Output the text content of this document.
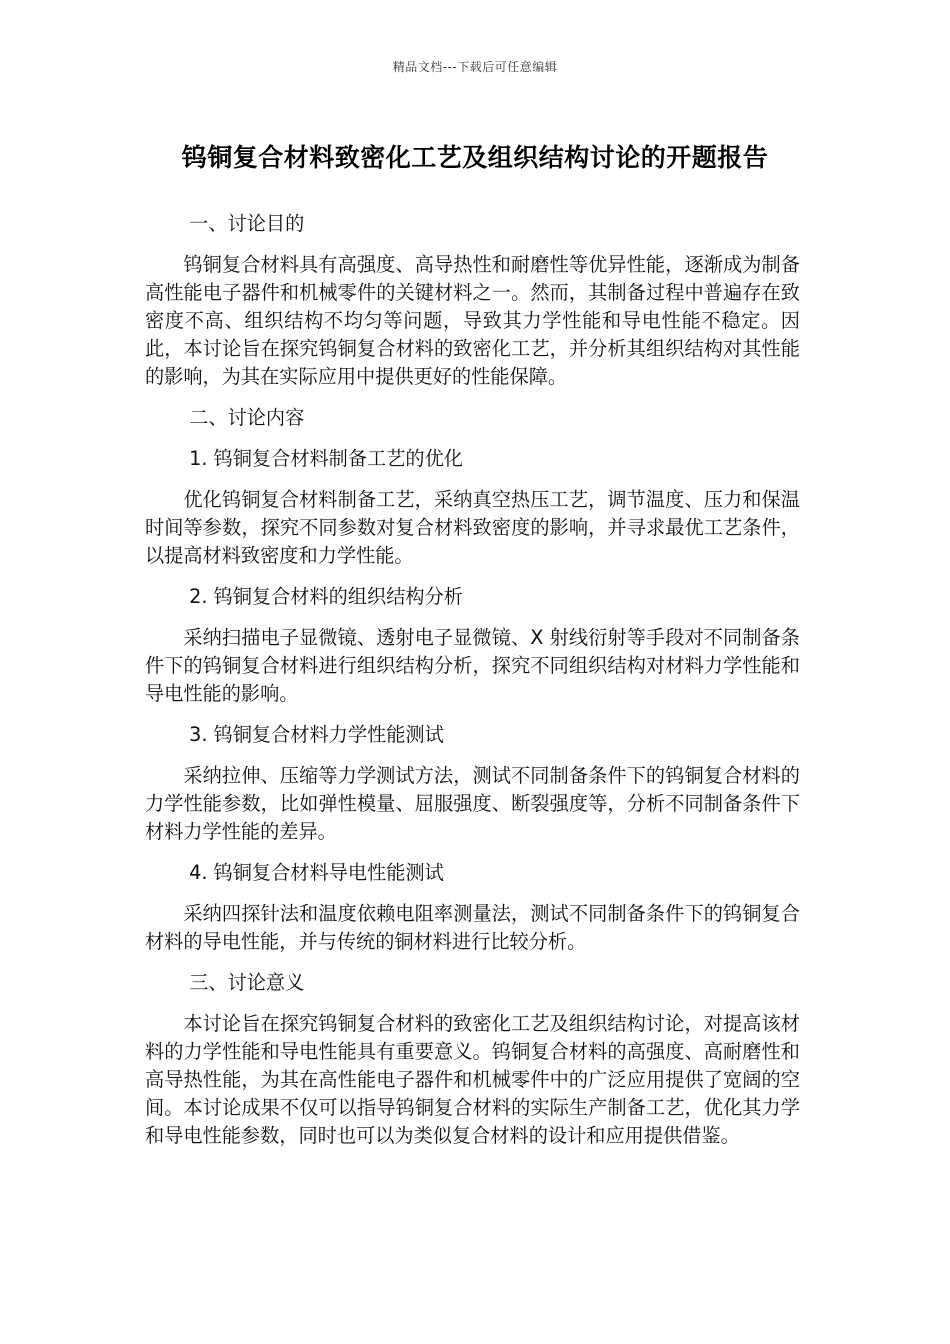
精品文档---下载后可任意编辑
钨铜复合材料致密化工艺及组织结构讨论的开题报告

一、讨论目的

钨铜复合材料具有高强度、高导热性和耐磨性等优异性能，逐渐成为制备高性能电子器件和机械零件的关键材料之一。然而，其制备过程中普遍存在致密度不高、组织结构不均匀等问题，导致其力学性能和导电性能不稳定。因此，本讨论旨在探究钨铜复合材料的致密化工艺，并分析其组织结构对其性能的影响，为其在实际应用中提供更好的性能保障。

二、讨论内容

1. 钨铜复合材料制备工艺的优化

优化钨铜复合材料制备工艺，采纳真空热压工艺，调节温度、压力和保温时间等参数，探究不同参数对复合材料致密度的影响，并寻求最优工艺条件，以提高材料致密度和力学性能。

2. 钨铜复合材料的组织结构分析

采纳扫描电子显微镜、透射电子显微镜、X 射线衍射等手段对不同制备条件下的钨铜复合材料进行组织结构分析，探究不同组织结构对材料力学性能和导电性能的影响。

3. 钨铜复合材料力学性能测试

采纳拉伸、压缩等力学测试方法，测试不同制备条件下的钨铜复合材料的力学性能参数，比如弹性模量、屈服强度、断裂强度等，分析不同制备条件下材料力学性能的差异。

4. 钨铜复合材料导电性能测试

采纳四探针法和温度依赖电阻率测量法，测试不同制备条件下的钨铜复合材料的导电性能，并与传统的铜材料进行比较分析。

三、讨论意义

本讨论旨在探究钨铜复合材料的致密化工艺及组织结构讨论，对提高该材料的力学性能和导电性能具有重要意义。钨铜复合材料的高强度、高耐磨性和高导热性能，为其在高性能电子器件和机械零件中的广泛应用提供了宽阔的空间。本讨论成果不仅可以指导钨铜复合材料的实际生产制备工艺，优化其力学和导电性能参数，同时也可以为类似复合材料的设计和应用提供借鉴。
